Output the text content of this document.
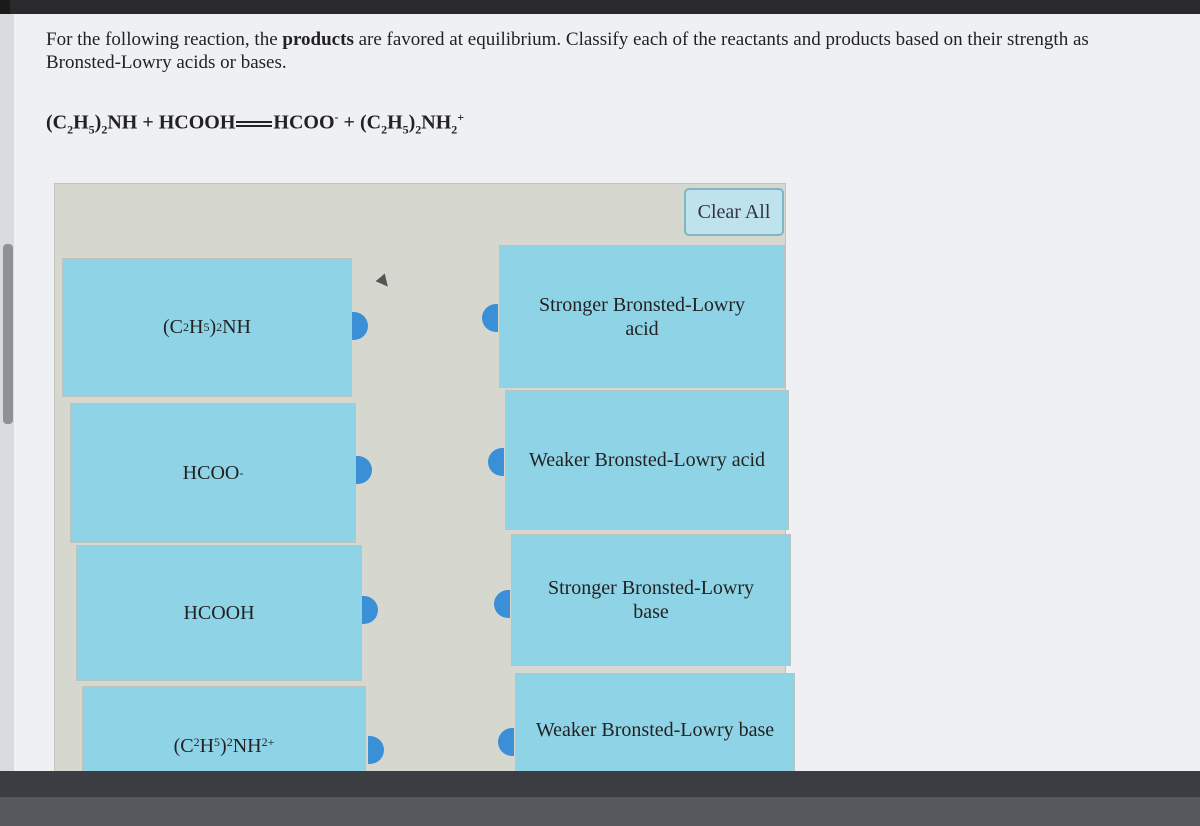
For the following reaction, the products are favored at equilibrium. Classify each of the reactants and products based on their strength as Bronsted-Lowry acids or bases.
$(C_2H_5)_2NH$ + HCOOH HCOO- + $(C_2H_5)_2NH_2^+$
Clear All
(C 2 H 5 ) 2 NH
HCOO -
HCOOH
($C^2$ $H^5$ )$^2$ $NH^2$ +
Stronger Bronsted-Lowry acid
Weaker Bronsted-Lowry acid
Stronger Bronsted-Lowry base
Weaker Bronsted-Lowry base
